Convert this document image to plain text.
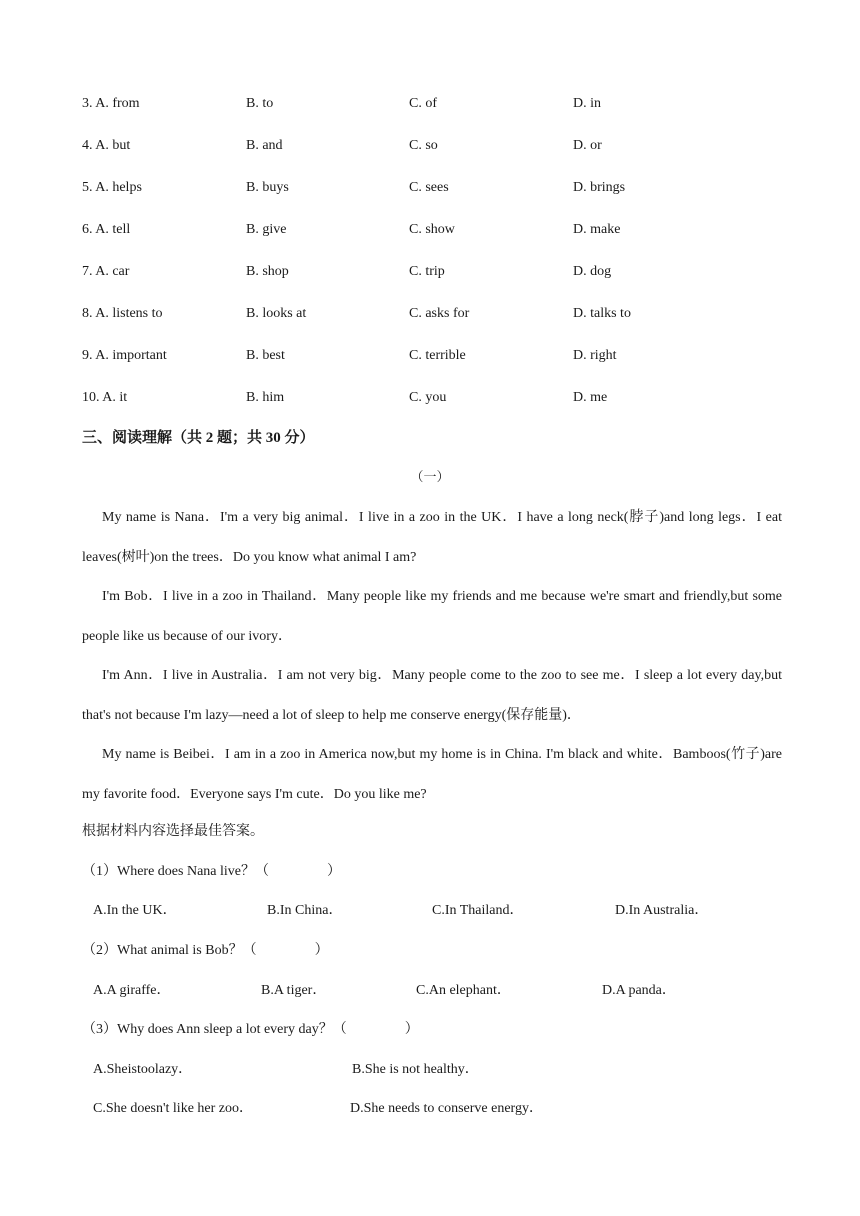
3. A. from	B. to	C. of	D. in
4. A. but	B. and	C. so	D. or
5. A. helps	B. buys	C. sees	D. brings
6. A. tell	B. give	C. show	D. make
7. A. car	B. shop	C. trip	D. dog
8. A. listens to	B. looks at	C. asks for	D. talks to
9. A. important	B. best	C. terrible	D. right
10. A. it	B. him	C. you	D. me
三、阅读理解（共 2 题；共 30 分）
（一）
My name is Nana．I'm a very big animal．I live in a zoo in the UK．I have a long neck(脖子)and long legs．I eat leaves(树叶)on the trees．Do you know what animal I am?
I'm Bob．I live in a zoo in Thailand．Many people like my friends and me because we're smart and friendly,but some people like us because of our ivory．
I'm Ann．I live in Australia．I am not very big．Many people come to the zoo to see me．I sleep a lot every day,but that's not because I'm lazy—need a lot of sleep to help me conserve energy(保存能量)．
My name is Beibei．I am in a zoo in America now,but my home is in China. I'm black and white．Bamboos(竹子)are my favorite food．Everyone says I'm cute．Do you like me?
根据材料内容选择最佳答案。
（1）Where does Nana live？（	）
A.In the UK．	B.In China．	C.In Thailand．	D.In Australia．
（2）What animal is Bob？（	）
A.A giraffe．	B.A tiger．	C.An elephant．	D.A panda．
（3）Why does Ann sleep a lot every day？（	）
A.Sheistoolazy．	B.She is not healthy．
C.She doesn't like her zoo．	D.She needs to conserve energy．
